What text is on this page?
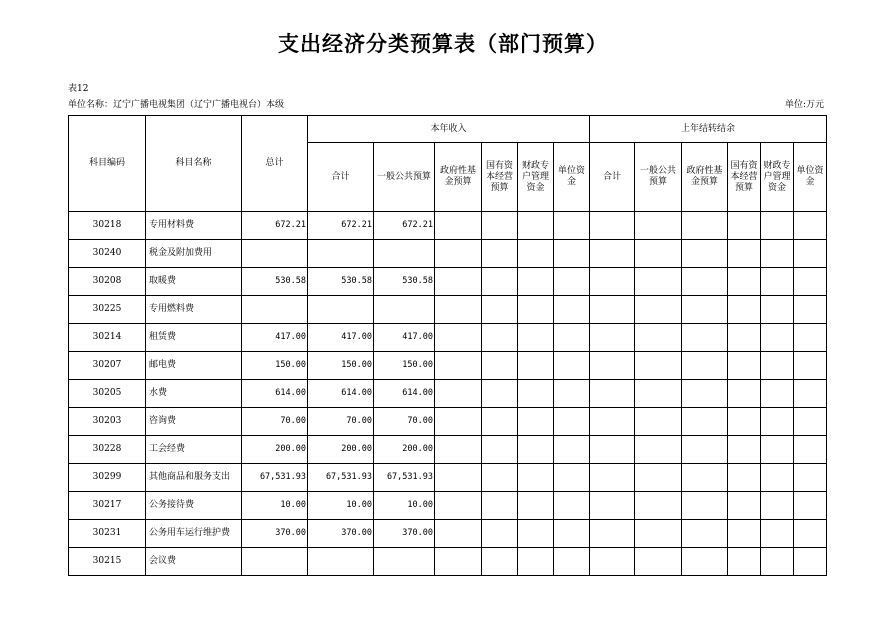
支出经济分类预算表（部门预算）
表12
单位名称：辽宁广播电视集团（辽宁广播电视台）本级	单位:万元
科目编码	科目名称	总计	本年收入						上年结转结余					
			合计	一般公共预算	政府性基金预算	国有资本经营预算	财政专户管理资金	单位资金	合计	一般公共预算	政府性基金预算	国有资本经营预算	财政专户管理资金	单位资金
30218	专用材料费	672.21	672.21	672.21										
30240	税金及附加费用													
30208	取暖费	530.58	530.58	530.58										
30225	专用燃料费													
30214	租赁费	417.00	417.00	417.00										
30207	邮电费	150.00	150.00	150.00										
30205	水费	614.00	614.00	614.00										
30203	咨询费	70.00	70.00	70.00										
30228	工会经费	200.00	200.00	200.00										
30299	其他商品和服务支出	67,531.93	67,531.93	67,531.93										
30217	公务接待费	10.00	10.00	10.00										
30231	公务用车运行维护费	370.00	370.00	370.00										
30215	会议费													
